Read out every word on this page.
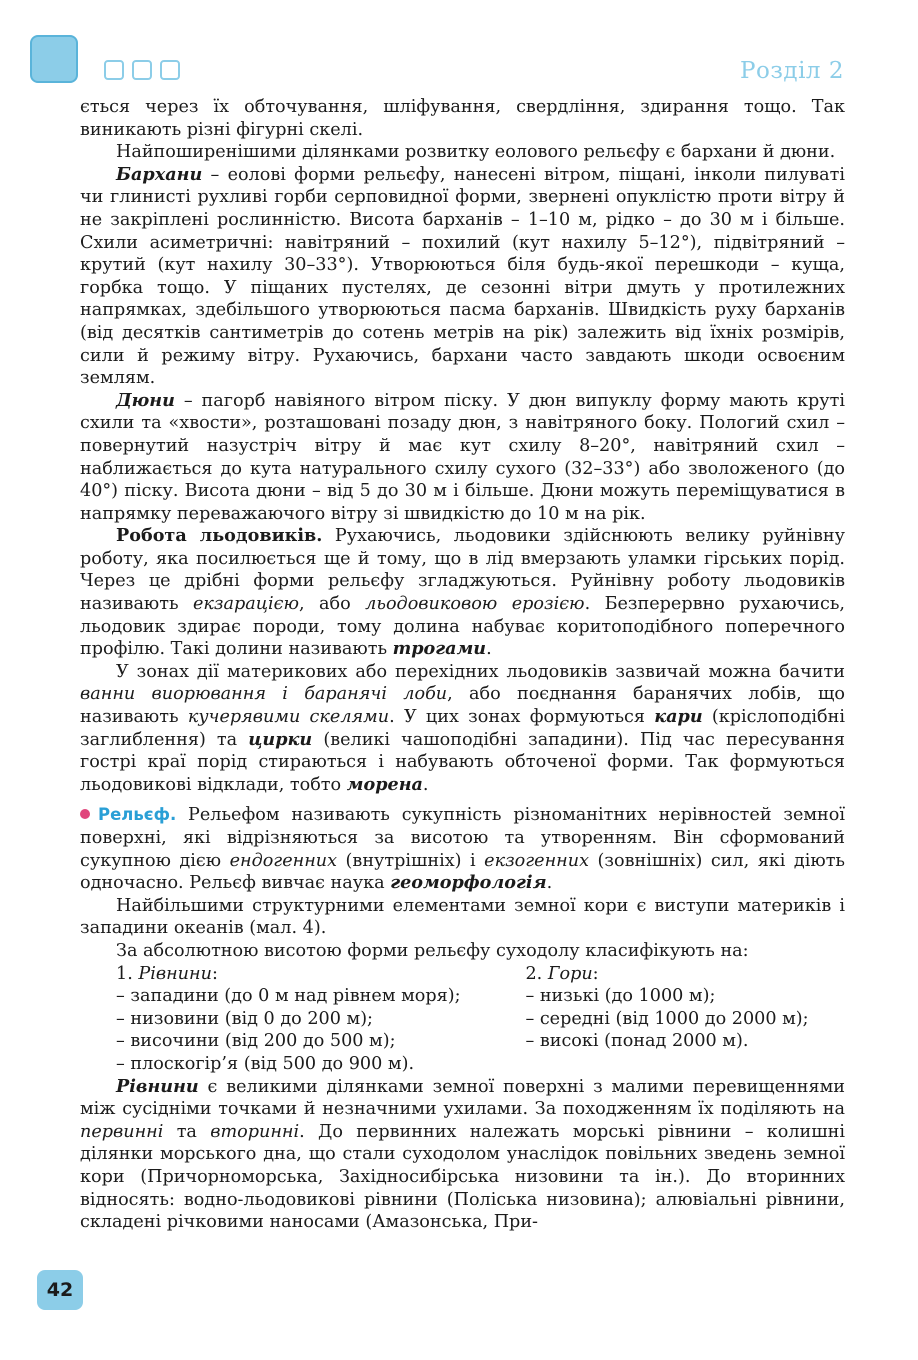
Розділ 2

ється через їх обточування, шліфування, свердління, здирання тощо. Так виникають різні фігурні скелі.

Найпоширенішими ділянками розвитку еолового рельєфу є бархани й дюни.

Бархани – еолові форми рельєфу, нанесені вітром, піщані, інколи пилуваті чи глинисті рухливі горби серповидної форми, звернені опуклістю проти вітру й не закріплені рослинністю. Висота барханів – 1–10 м, рідко – до 30 м і більше. Схили асиметричні: навітряний – похилий (кут нахилу 5–12°), підвітряний – крутий (кут нахилу 30–33°). Утворюються біля будь-якої перешкоди – куща, горбка тощо. У піщаних пустелях, де сезонні вітри дмуть у протилежних напрямках, здебільшого утворюються пасма барханів. Швидкість руху барханів (від десятків сантиметрів до сотень метрів на рік) залежить від їхніх розмірів, сили й режиму вітру. Рухаючись, бархани часто завдають шкоди освоєним землям.

Дюни – пагорб навіяного вітром піску. У дюн випуклу форму мають круті схили та «хвости», розташовані позаду дюн, з навітряного боку. Пологий схил – повернутий назустріч вітру й має кут схилу 8–20°, навітряний схил – наближається до кута натурального схилу сухого (32–33°) або зволоженого (до 40°) піску. Висота дюни – від 5 до 30 м і більше. Дюни можуть переміщуватися в напрямку переважаючого вітру зі швидкістю до 10 м на рік.

Робота льодовиків. Рухаючись, льодовики здійснюють велику руйнівну роботу, яка посилюється ще й тому, що в лід вмерзають уламки гірських порід. Через це дрібні форми рельєфу згладжуються. Руйнівну роботу льодовиків називають екзарацією, або льодовиковою ерозією. Безперервно рухаючись, льодовик здирає породи, тому долина набуває коритоподібного поперечного профілю. Такі долини називають трогами.

У зонах дії материкових або перехідних льодовиків зазвичай можна бачити ванни виорювання і баранячі лоби, або поєднання баранячих лобів, що називають кучерявими скелями. У цих зонах формуються кари (кріслоподібні заглиблення) та цирки (великі чашоподібні западини). Під час пересування гострі краї порід стираються і набувають обточеної форми. Так формуються льодовикові відклади, тобто морена.

Рельєф. Рельефом називають сукупність різноманітних нерівностей земної поверхні, які відрізняються за висотою та утворенням. Він сформований сукупною дією ендогенних (внутрішніх) і екзогенних (зовнішніх) сил, які діють одночасно. Рельєф вивчає наука геоморфологія.

Найбільшими структурними елементами земної кори є виступи материків і западини океанів (мал. 4).

За абсолютною висотою форми рельєфу суходолу класифікують на:

1. Рівнини:
– западини (до 0 м над рівнем моря);
– низовини (від 0 до 200 м);
– височини (від 200 до 500 м);
– плоскогір’я (від 500 до 900 м).
2. Гори:
– низькі (до 1000 м);
– середні (від 1000 до 2000 м);
– високі (понад 2000 м).

Рівнини є великими ділянками земної поверхні з малими перевищеннями між сусідніми точками й незначними ухилами. За походженням їх поділяють на первинні та вторинні. До первинних належать морські рівнини – колишні ділянки морського дна, що стали суходолом унаслідок повільних зведень земної кори (Причорноморська, Західносибірська низовини та ін.). До вторинних відносять: водно-льодовикові рівнини (Поліська низовина); алювіальні рівнини, складені річковими наносами (Амазонська, При-

42
